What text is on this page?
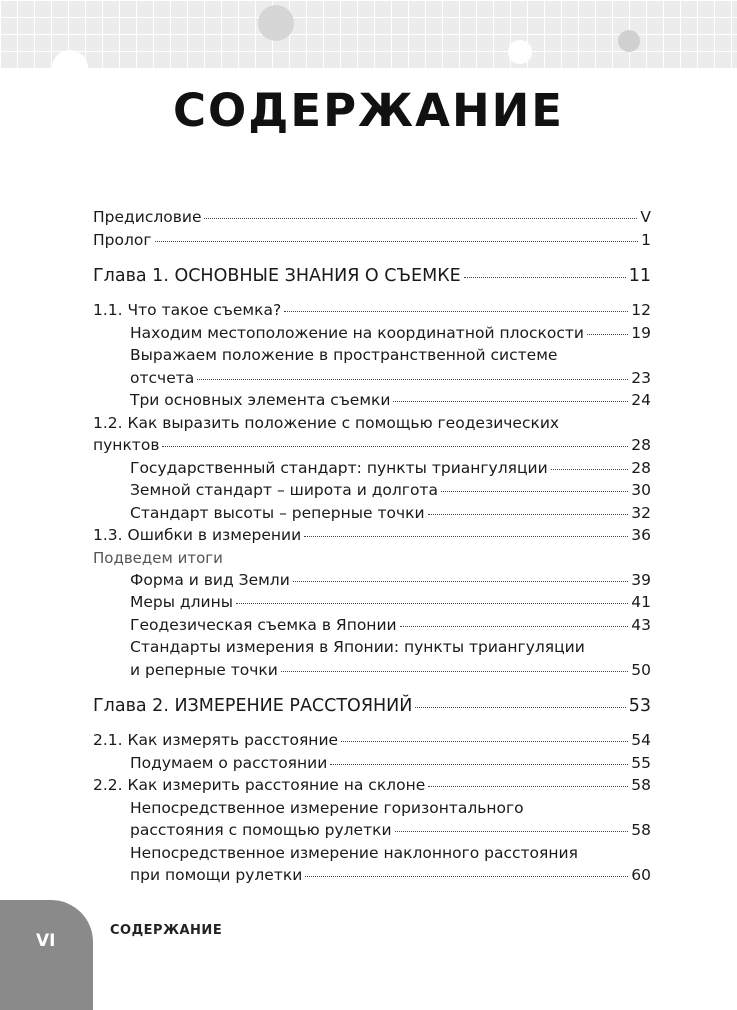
СОДЕРЖАНИЕ
Предисловие	V
Пролог	1
Глава 1. ОСНОВНЫЕ ЗНАНИЯ О СЪЕМКЕ	11
1.1. Что такое съемка?	12
Находим местоположение на координатной плоскости	19
Выражаем положение в пространственной системе
отсчета	23
Три основных элемента съемки	24
1.2. Как выразить положение с помощью геодезических
пунктов	28
Государственный стандарт: пункты триангуляции	28
Земной стандарт – широта и долгота	30
Стандарт высоты – реперные точки	32
1.3. Ошибки в измерении	36
Подведем итоги
Форма и вид Земли	39
Меры длины	41
Геодезическая съемка в Японии	43
Стандарты измерения в Японии: пункты триангуляции
и реперные точки	50
Глава 2. ИЗМЕРЕНИЕ РАССТОЯНИЙ	53
2.1. Как измерять расстояние	54
Подумаем о расстоянии	55
2.2. Как измерить расстояние на склоне	58
Непосредственное измерение горизонтального
расстояния с помощью рулетки	58
Непосредственное измерение наклонного расстояния
при помощи рулетки	60
VI
СОДЕРЖАНИЕ
